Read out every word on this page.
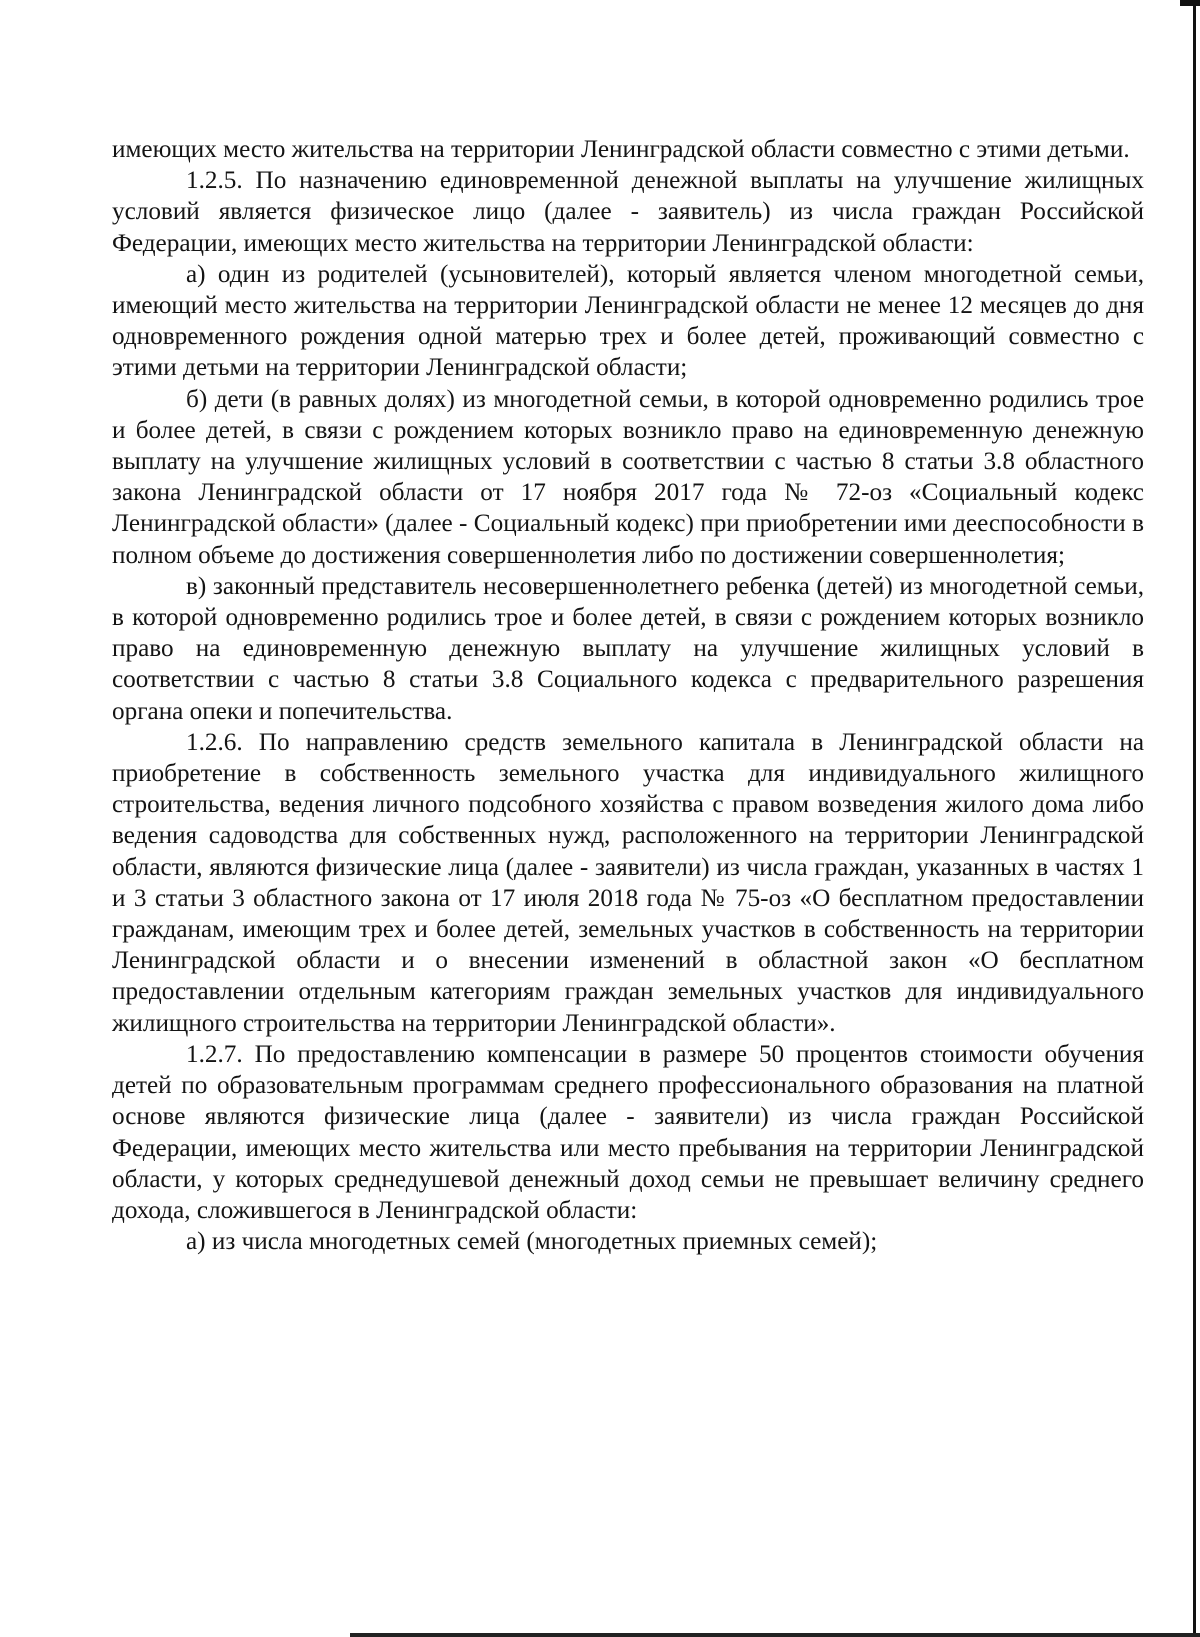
имеющих место жительства на территории Ленинградской области совместно с этими детьми.

1.2.5. По назначению единовременной денежной выплаты на улучшение жилищных условий является физическое лицо (далее - заявитель) из числа граждан Российской Федерации, имеющих место жительства на территории Ленинградской области:

а) один из родителей (усыновителей), который является членом многодетной семьи, имеющий место жительства на территории Ленинградской области не менее 12 месяцев до дня одновременного рождения одной матерью трех и более детей, проживающий совместно с этими детьми на территории Ленинградской области;

б) дети (в равных долях) из многодетной семьи, в которой одновременно родились трое и более детей, в связи с рождением которых возникло право на единовременную денежную выплату на улучшение жилищных условий в соответствии с частью 8 статьи 3.8 областного закона Ленинградской области от 17 ноября 2017 года № 72-оз «Социальный кодекс Ленинградской области» (далее - Социальный кодекс) при приобретении ими дееспособности в полном объеме до достижения совершеннолетия либо по достижении совершеннолетия;

в) законный представитель несовершеннолетнего ребенка (детей) из многодетной семьи, в которой одновременно родились трое и более детей, в связи с рождением которых возникло право на единовременную денежную выплату на улучшение жилищных условий в соответствии с частью 8 статьи 3.8 Социального кодекса с предварительного разрешения органа опеки и попечительства.

1.2.6. По направлению средств земельного капитала в Ленинградской области на приобретение в собственность земельного участка для индивидуального жилищного строительства, ведения личного подсобного хозяйства с правом возведения жилого дома либо ведения садоводства для собственных нужд, расположенного на территории Ленинградской области, являются физические лица (далее - заявители) из числа граждан, указанных в частях 1 и 3 статьи 3 областного закона от 17 июля 2018 года № 75-оз «О бесплатном предоставлении гражданам, имеющим трех и более детей, земельных участков в собственность на территории Ленинградской области и о внесении изменений в областной закон «О бесплатном предоставлении отдельным категориям граждан земельных участков для индивидуального жилищного строительства на территории Ленинградской области».

1.2.7. По предоставлению компенсации в размере 50 процентов стоимости обучения детей по образовательным программам среднего профессионального образования на платной основе являются физические лица (далее - заявители) из числа граждан Российской Федерации, имеющих место жительства или место пребывания на территории Ленинградской области, у которых среднедушевой денежный доход семьи не превышает величину среднего дохода, сложившегося в Ленинградской области:

а) из числа многодетных семей (многодетных приемных семей);
